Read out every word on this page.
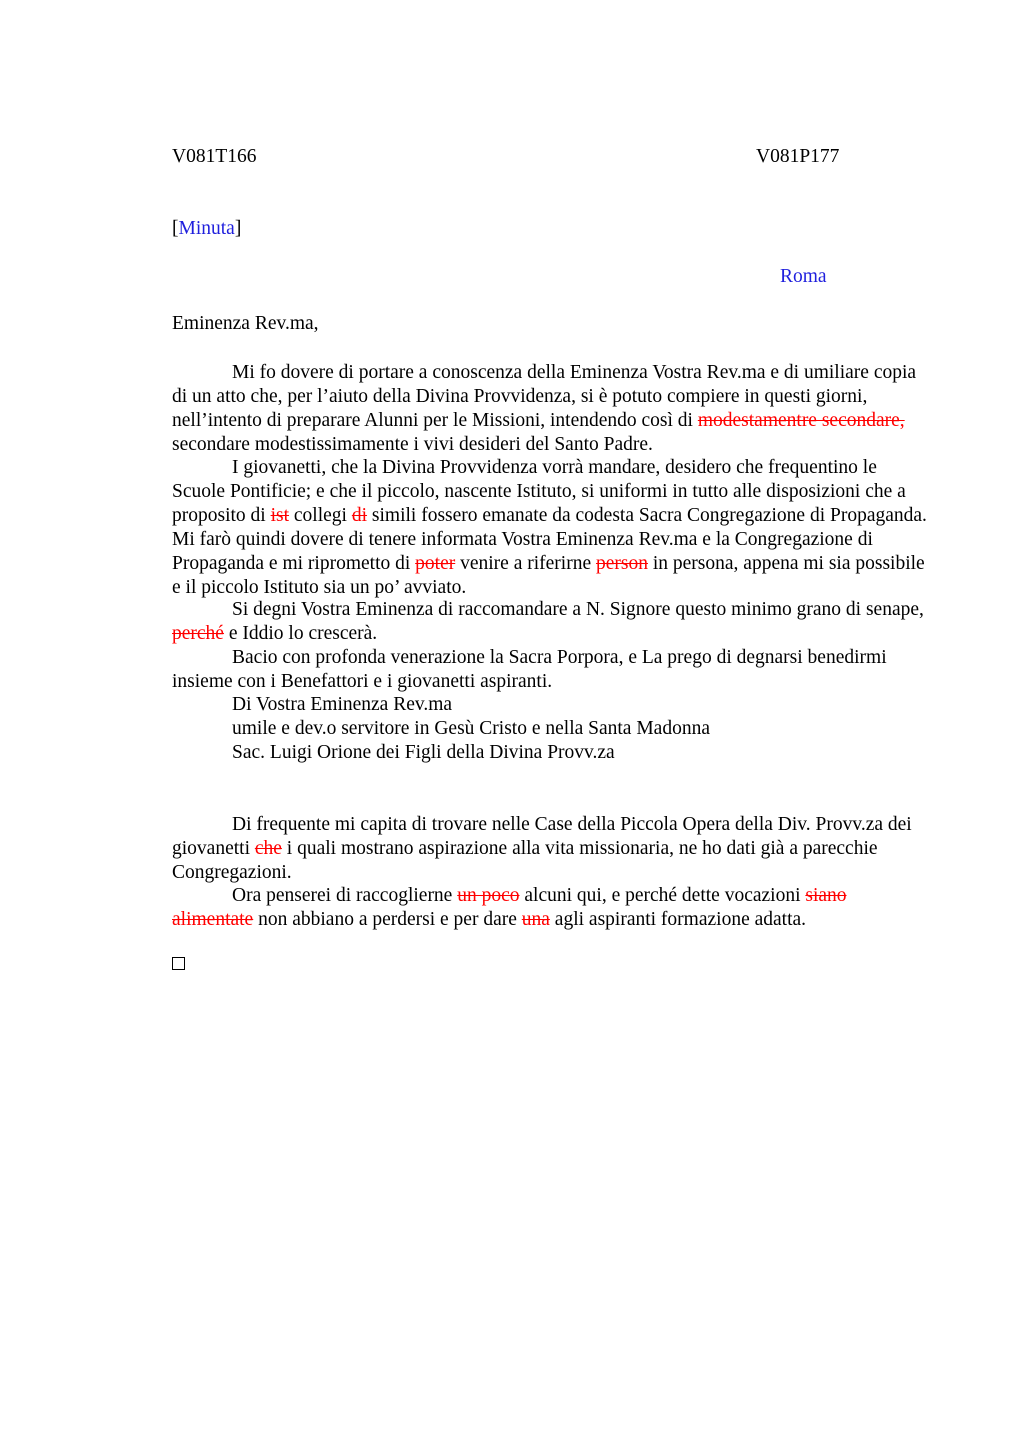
V081T166	V081P177
[Minuta]
Roma
Eminenza Rev.ma,
Mi fo dovere di portare a conoscenza della Eminenza Vostra Rev.ma e di umiliare copia di un atto che, per l’aiuto della Divina Provvidenza, si è potuto compiere in questi giorni, nell’intento di preparare Alunni per le Missioni, intendendo così di modestamentre secondare, secondare modestissimamente i vivi desideri del Santo Padre.
I giovanetti, che la Divina Provvidenza vorrà mandare, desidero che frequentino le Scuole Pontificie; e che il piccolo, nascente Istituto, si uniformi in tutto alle disposizioni che a proposito di ist collegi di simili fossero emanate da codesta Sacra Congregazione di Propaganda. Mi farò quindi dovere di tenere informata Vostra Eminenza Rev.ma e la Congregazione di Propaganda e mi riprometto di poter venire a riferirne person in persona, appena mi sia possibile e il piccolo Istituto sia un po’ avviato.
Si degni Vostra Eminenza di raccomandare a N. Signore questo minimo grano di senape, perché e Iddio lo crescerà.
Bacio con profonda venerazione la Sacra Porpora, e La prego di degnarsi benedirmi insieme con i Benefattori e i giovanetti aspiranti.
Di Vostra Eminenza Rev.ma
umile e dev.o servitore in Gesù Cristo e nella Santa Madonna
Sac. Luigi Orione dei Figli della Divina Provv.za
Di frequente mi capita di trovare nelle Case della Piccola Opera della Div. Provv.za dei giovanetti che i quali mostrano aspirazione alla vita missionaria, ne ho dati già a parecchie Congregazioni.
Ora penserei di raccoglierne un poco alcuni qui, e perché dette vocazioni siano alimentate non abbiano a perdersi e per dare una agli aspiranti formazione adatta.
